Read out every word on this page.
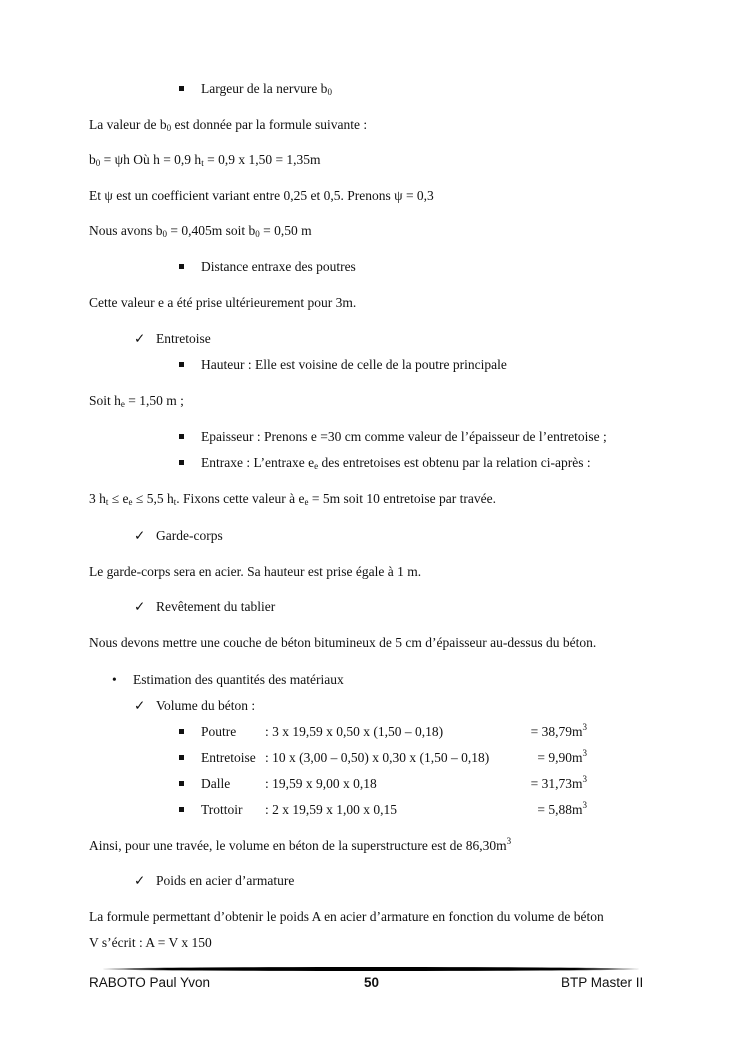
Largeur de la nervure $b_0$
La valeur de $b_0$ est donnée par la formule suivante :
$b_0 = \psi h$ Où h = 0,9 $h_t = 0,9$ x 1,50 = 1,35m
Et ψ est un coefficient variant entre 0,25 et 0,5. Prenons ψ = 0,3
Nous avons $b_0 = 0,405m$ soit $b_0 = 0,50$ m
Distance entraxe des poutres
Cette valeur e a été prise ultérieurement pour 3m.
✓ Entretoise
Hauteur : Elle est voisine de celle de la poutre principale
Soit $h_e = 1,50$ m ;
Epaisseur : Prenons e =30 cm comme valeur de l’épaisseur de l’entretoise ;
Entraxe : L’entraxe $e_e$ des entretoises est obtenu par la relation ci-après :
3 $h_t \le e_e \le 5,5$ $h_t$. Fixons cette valeur à $e_e = 5m$ soit 10 entretoise par travée.
✓ Garde-corps
Le garde-corps sera en acier. Sa hauteur est prise égale à 1 m.
✓ Revêtement du tablier
Nous devons mettre une couche de béton bitumineux de 5 cm d’épaisseur au-dessus du béton.
• Estimation des quantités des matériaux
✓ Volume du béton :
Poutre : 3 x 19,59 x 0,50 x (1,50 – 0,18)	= $38,79m^3$
Entretoise : 10 x (3,00 – 0,50) x 0,30 x (1,50 – 0,18)	= $9,90m^3$
Dalle	: 19,59 x 9,00 x 0,18	= $31,73m^3$
Trottoir : 2 x 19,59 x 1,00 x 0,15	= $5,88m^3$
Ainsi, pour une travée, le volume en béton de la superstructure est de $86,30m^3$
✓ Poids en acier d’armature
La formule permettant d’obtenir le poids A en acier d’armature en fonction du volume de béton
V s’écrit : A = V x 150
RABOTO Paul Yvon	50	BTP Master II
